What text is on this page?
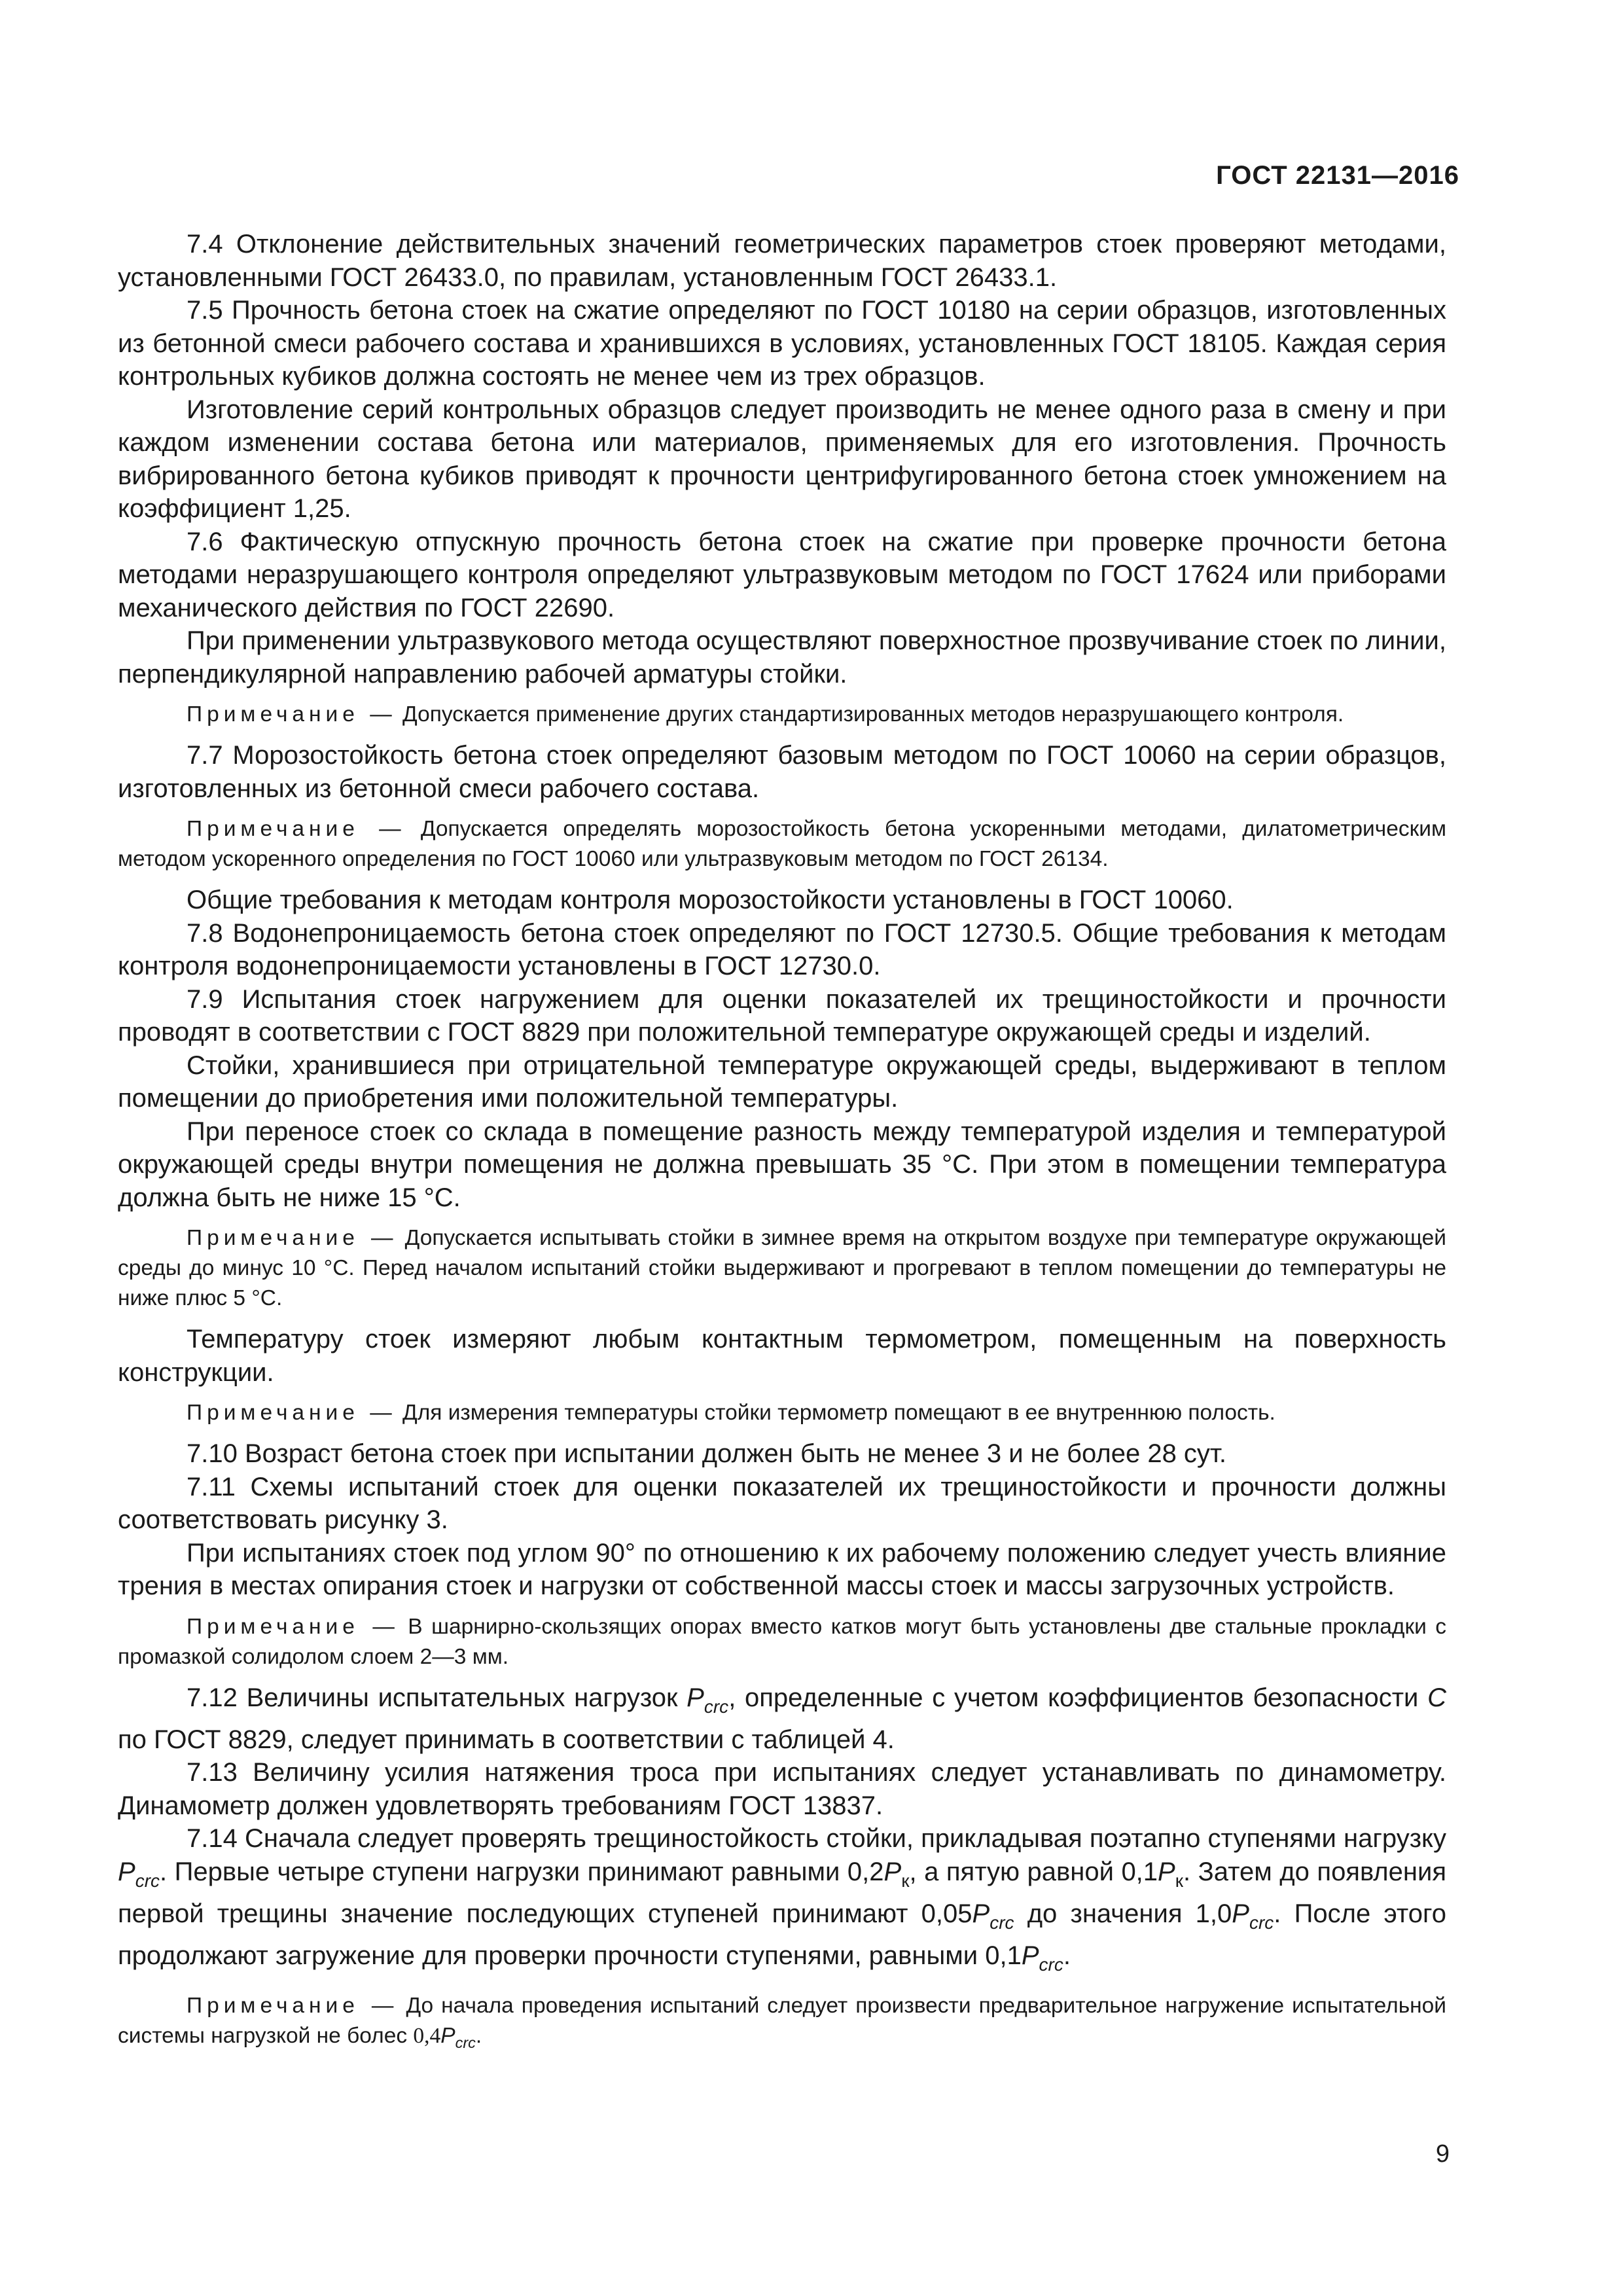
ГОСТ 22131—2016

7.4 Отклонение действительных значений геометрических параметров стоек проверяют методами, установленными ГОСТ 26433.0, по правилам, установленным ГОСТ 26433.1.

7.5 Прочность бетона стоек на сжатие определяют по ГОСТ 10180 на серии образцов, изготовленных из бетонной смеси рабочего состава и хранившихся в условиях, установленных ГОСТ 18105. Каждая серия контрольных кубиков должна состоять не менее чем из трех образцов.

Изготовление серий контрольных образцов следует производить не менее одного раза в смену и при каждом изменении состава бетона или материалов, применяемых для его изготовления. Прочность вибрированного бетона кубиков приводят к прочности центрифугированного бетона стоек умножением на коэффициент 1,25.

7.6 Фактическую отпускную прочность бетона стоек на сжатие при проверке прочности бетона методами неразрушающего контроля определяют ультразвуковым методом по ГОСТ 17624 или приборами механического действия по ГОСТ 22690.

При применении ультразвукового метода осуществляют поверхностное прозвучивание стоек по линии, перпендикулярной направлению рабочей арматуры стойки.

Примечание — Допускается применение других стандартизированных методов неразрушающего контроля.

7.7 Морозостойкость бетона стоек определяют базовым методом по ГОСТ 10060 на серии образцов, изготовленных из бетонной смеси рабочего состава.

Примечание — Допускается определять морозостойкость бетона ускоренными методами, дилатометрическим методом ускоренного определения по ГОСТ 10060 или ультразвуковым методом по ГОСТ 26134.

Общие требования к методам контроля морозостойкости установлены в ГОСТ 10060.

7.8 Водонепроницаемость бетона стоек определяют по ГОСТ 12730.5. Общие требования к методам контроля водонепроницаемости установлены в ГОСТ 12730.0.

7.9 Испытания стоек нагружением для оценки показателей их трещиностойкости и прочности проводят в соответствии с ГОСТ 8829 при положительной температуре окружающей среды и изделий.

Стойки, хранившиеся при отрицательной температуре окружающей среды, выдерживают в теплом помещении до приобретения ими положительной температуры.

При переносе стоек со склада в помещение разность между температурой изделия и температурой окружающей среды внутри помещения не должна превышать 35 °С. При этом в помещении температура должна быть не ниже 15 °С.

Примечание — Допускается испытывать стойки в зимнее время на открытом воздухе при температуре окружающей среды до минус 10 °С. Перед началом испытаний стойки выдерживают и прогревают в теплом помещении до температуры не ниже плюс 5 °С.

Температуру стоек измеряют любым контактным термометром, помещенным на поверхность конструкции.

Примечание — Для измерения температуры стойки термометр помещают в ее внутреннюю полость.

7.10 Возраст бетона стоек при испытании должен быть не менее 3 и не более 28 сут.

7.11 Схемы испытаний стоек для оценки показателей их трещиностойкости и прочности должны соответствовать рисунку 3.

При испытаниях стоек под углом 90° по отношению к их рабочему положению следует учесть влияние трения в местах опирания стоек и нагрузки от собственной массы стоек и массы загрузочных устройств.

Примечание — В шарнирно-скользящих опорах вместо катков могут быть установлены две стальные прокладки с промазкой солидолом слоем 2—3 мм.

7.12 Величины испытательных нагрузок $P_{crc}$, определенные с учетом коэффициентов безопасности C по ГОСТ 8829, следует принимать в соответствии с таблицей 4.

7.13 Величину усилия натяжения троса при испытаниях следует устанавливать по динамометру. Динамометр должен удовлетворять требованиям ГОСТ 13837.

7.14 Сначала следует проверять трещиностойкость стойки, прикладывая поэтапно ступенями нагрузку $P_{crc}$. Первые четыре ступени нагрузки принимают равными $0,2P_к$, а пятую равной $0,1P_к$. Затем до появления первой трещины значение последующих ступеней принимают $0,05P_{crc}$ до значения $1,0P_{crc}$. После этого продолжают загружение для проверки прочности ступенями, равными $0,1P_{crc}$.

Примечание — До начала проведения испытаний следует произвести предварительное нагружение испытательной системы нагрузкой не болес $0,4P_{crc}$.

9
